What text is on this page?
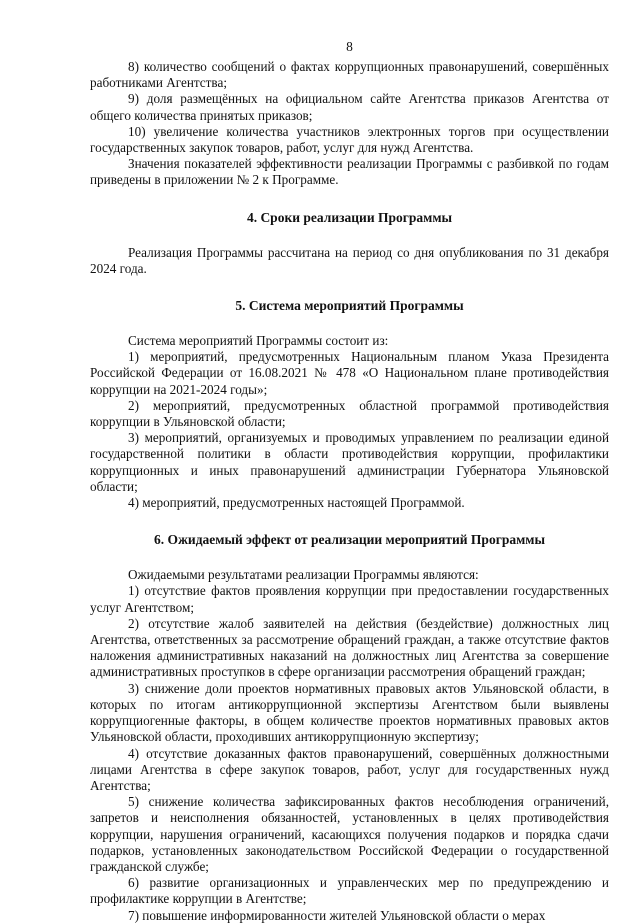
8

8) количество сообщений о фактах коррупционных правонарушений, совершённых работниками Агентства;

9) доля размещённых на официальном сайте Агентства приказов Агентства от общего количества принятых приказов;

10) увеличение количества участников электронных торгов при осуществлении государственных закупок товаров, работ, услуг для нужд Агентства.

Значения показателей эффективности реализации Программы с разбивкой по годам приведены в приложении № 2 к Программе.

4. Сроки реализации Программы

Реализация Программы рассчитана на период со дня опубликования по 31 декабря 2024 года.

5. Система мероприятий Программы

Система мероприятий Программы состоит из:

1) мероприятий, предусмотренных Национальным планом Указа Президента Российской Федерации от 16.08.2021 № 478 «О Национальном плане противодействия коррупции на 2021-2024 годы»;

2) мероприятий, предусмотренных областной программой противодействия коррупции в Ульяновской области;

3) мероприятий, организуемых и проводимых управлением по реализации единой государственной политики в области противодействия коррупции, профилактики коррупционных и иных правонарушений администрации Губернатора Ульяновской области;

4) мероприятий, предусмотренных настоящей Программой.

6. Ожидаемый эффект от реализации мероприятий Программы

Ожидаемыми результатами реализации Программы являются:

1) отсутствие фактов проявления коррупции при предоставлении государственных услуг Агентством;

2) отсутствие жалоб заявителей на действия (бездействие) должностных лиц Агентства, ответственных за рассмотрение обращений граждан, а также отсутствие фактов наложения административных наказаний на должностных лиц Агентства за совершение административных проступков в сфере организации рассмотрения обращений граждан;

3) снижение доли проектов нормативных правовых актов Ульяновской области, в которых по итогам антикоррупционной экспертизы Агентством были выявлены коррупциогенные факторы, в общем количестве проектов нормативных правовых актов Ульяновской области, проходивших антикоррупционную экспертизу;

4) отсутствие доказанных фактов правонарушений, совершённых должностными лицами Агентства в сфере закупок товаров, работ, услуг для государственных нужд Агентства;

5) снижение количества зафиксированных фактов несоблюдения ограничений, запретов и неисполнения обязанностей, установленных в целях противодействия коррупции, нарушения ограничений, касающихся получения подарков и порядка сдачи подарков, установленных законодательством Российской Федерации о государственной гражданской службе;

6) развитие организационных и управленческих мер по предупреждению и профилактике коррупции в Агентстве;

7) повышение информированности жителей Ульяновской области о мерах
